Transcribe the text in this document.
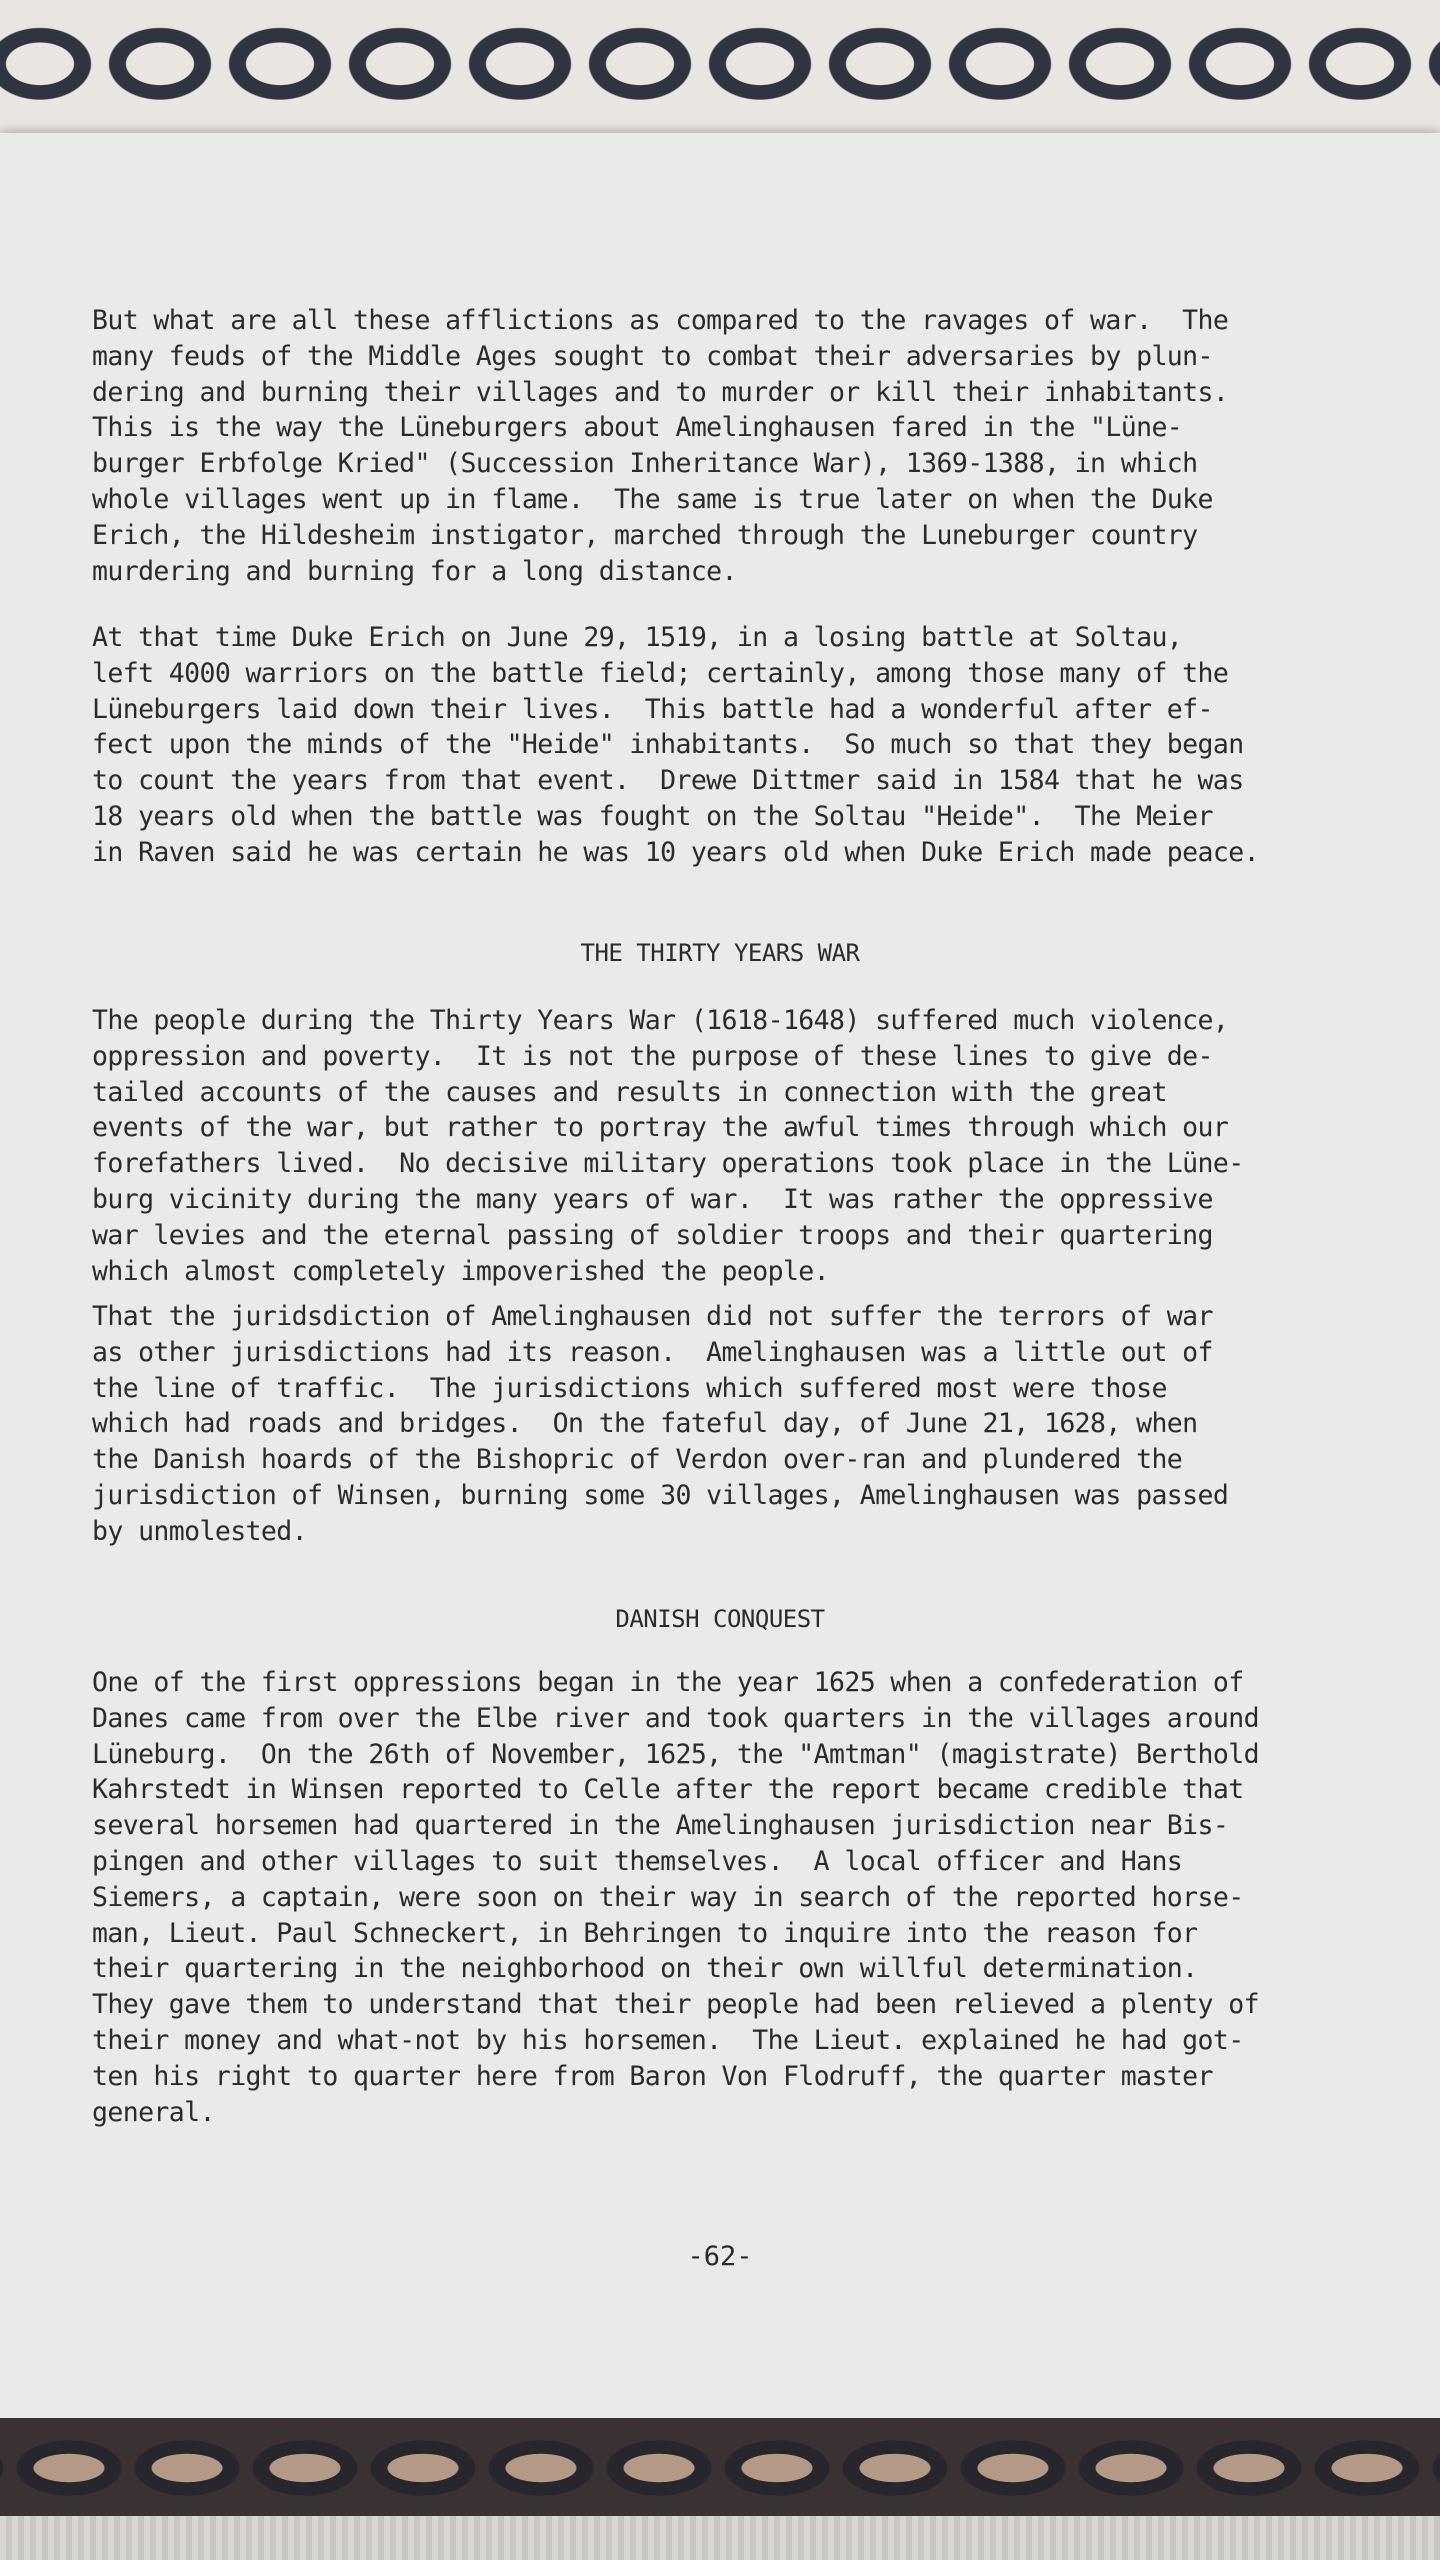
But what are all these afflictions as compared to the ravages of war.  The
many feuds of the Middle Ages sought to combat their adversaries by plun-
dering and burning their villages and to murder or kill their inhabitants.
This is the way the Lüneburgers about Amelinghausen fared in the "Lüne-
burger Erbfolge Kried" (Succession Inheritance War), 1369-1388, in which
whole villages went up in flame.  The same is true later on when the Duke
Erich, the Hildesheim instigator, marched through the Luneburger country
murdering and burning for a long distance.
At that time Duke Erich on June 29, 1519, in a losing battle at Soltau,
left 4000 warriors on the battle field; certainly, among those many of the
Lüneburgers laid down their lives.  This battle had a wonderful after ef-
fect upon the minds of the "Heide" inhabitants.  So much so that they began
to count the years from that event.  Drewe Dittmer said in 1584 that he was
18 years old when the battle was fought on the Soltau "Heide".  The Meier
in Raven said he was certain he was 10 years old when Duke Erich made peace.
THE THIRTY YEARS WAR
The people during the Thirty Years War (1618-1648) suffered much violence,
oppression and poverty.  It is not the purpose of these lines to give de-
tailed accounts of the causes and results in connection with the great
events of the war, but rather to portray the awful times through which our
forefathers lived.  No decisive military operations took place in the Lüne-
burg vicinity during the many years of war.  It was rather the oppressive
war levies and the eternal passing of soldier troops and their quartering
which almost completely impoverished the people.
That the juridsdiction of Amelinghausen did not suffer the terrors of war
as other jurisdictions had its reason.  Amelinghausen was a little out of
the line of traffic.  The jurisdictions which suffered most were those
which had roads and bridges.  On the fateful day, of June 21, 1628, when
the Danish hoards of the Bishopric of Verdon over-ran and plundered the
jurisdiction of Winsen, burning some 30 villages, Amelinghausen was passed
by unmolested.
DANISH CONQUEST
One of the first oppressions began in the year 1625 when a confederation of
Danes came from over the Elbe river and took quarters in the villages around
Lüneburg.  On the 26th of November, 1625, the "Amtman" (magistrate) Berthold
Kahrstedt in Winsen reported to Celle after the report became credible that
several horsemen had quartered in the Amelinghausen jurisdiction near Bis-
pingen and other villages to suit themselves.  A local officer and Hans
Siemers, a captain, were soon on their way in search of the reported horse-
man, Lieut. Paul Schneckert, in Behringen to inquire into the reason for
their quartering in the neighborhood on their own willful determination.
They gave them to understand that their people had been relieved a plenty of
their money and what-not by his horsemen.  The Lieut. explained he had got-
ten his right to quarter here from Baron Von Flodruff, the quarter master
general.
-62-
